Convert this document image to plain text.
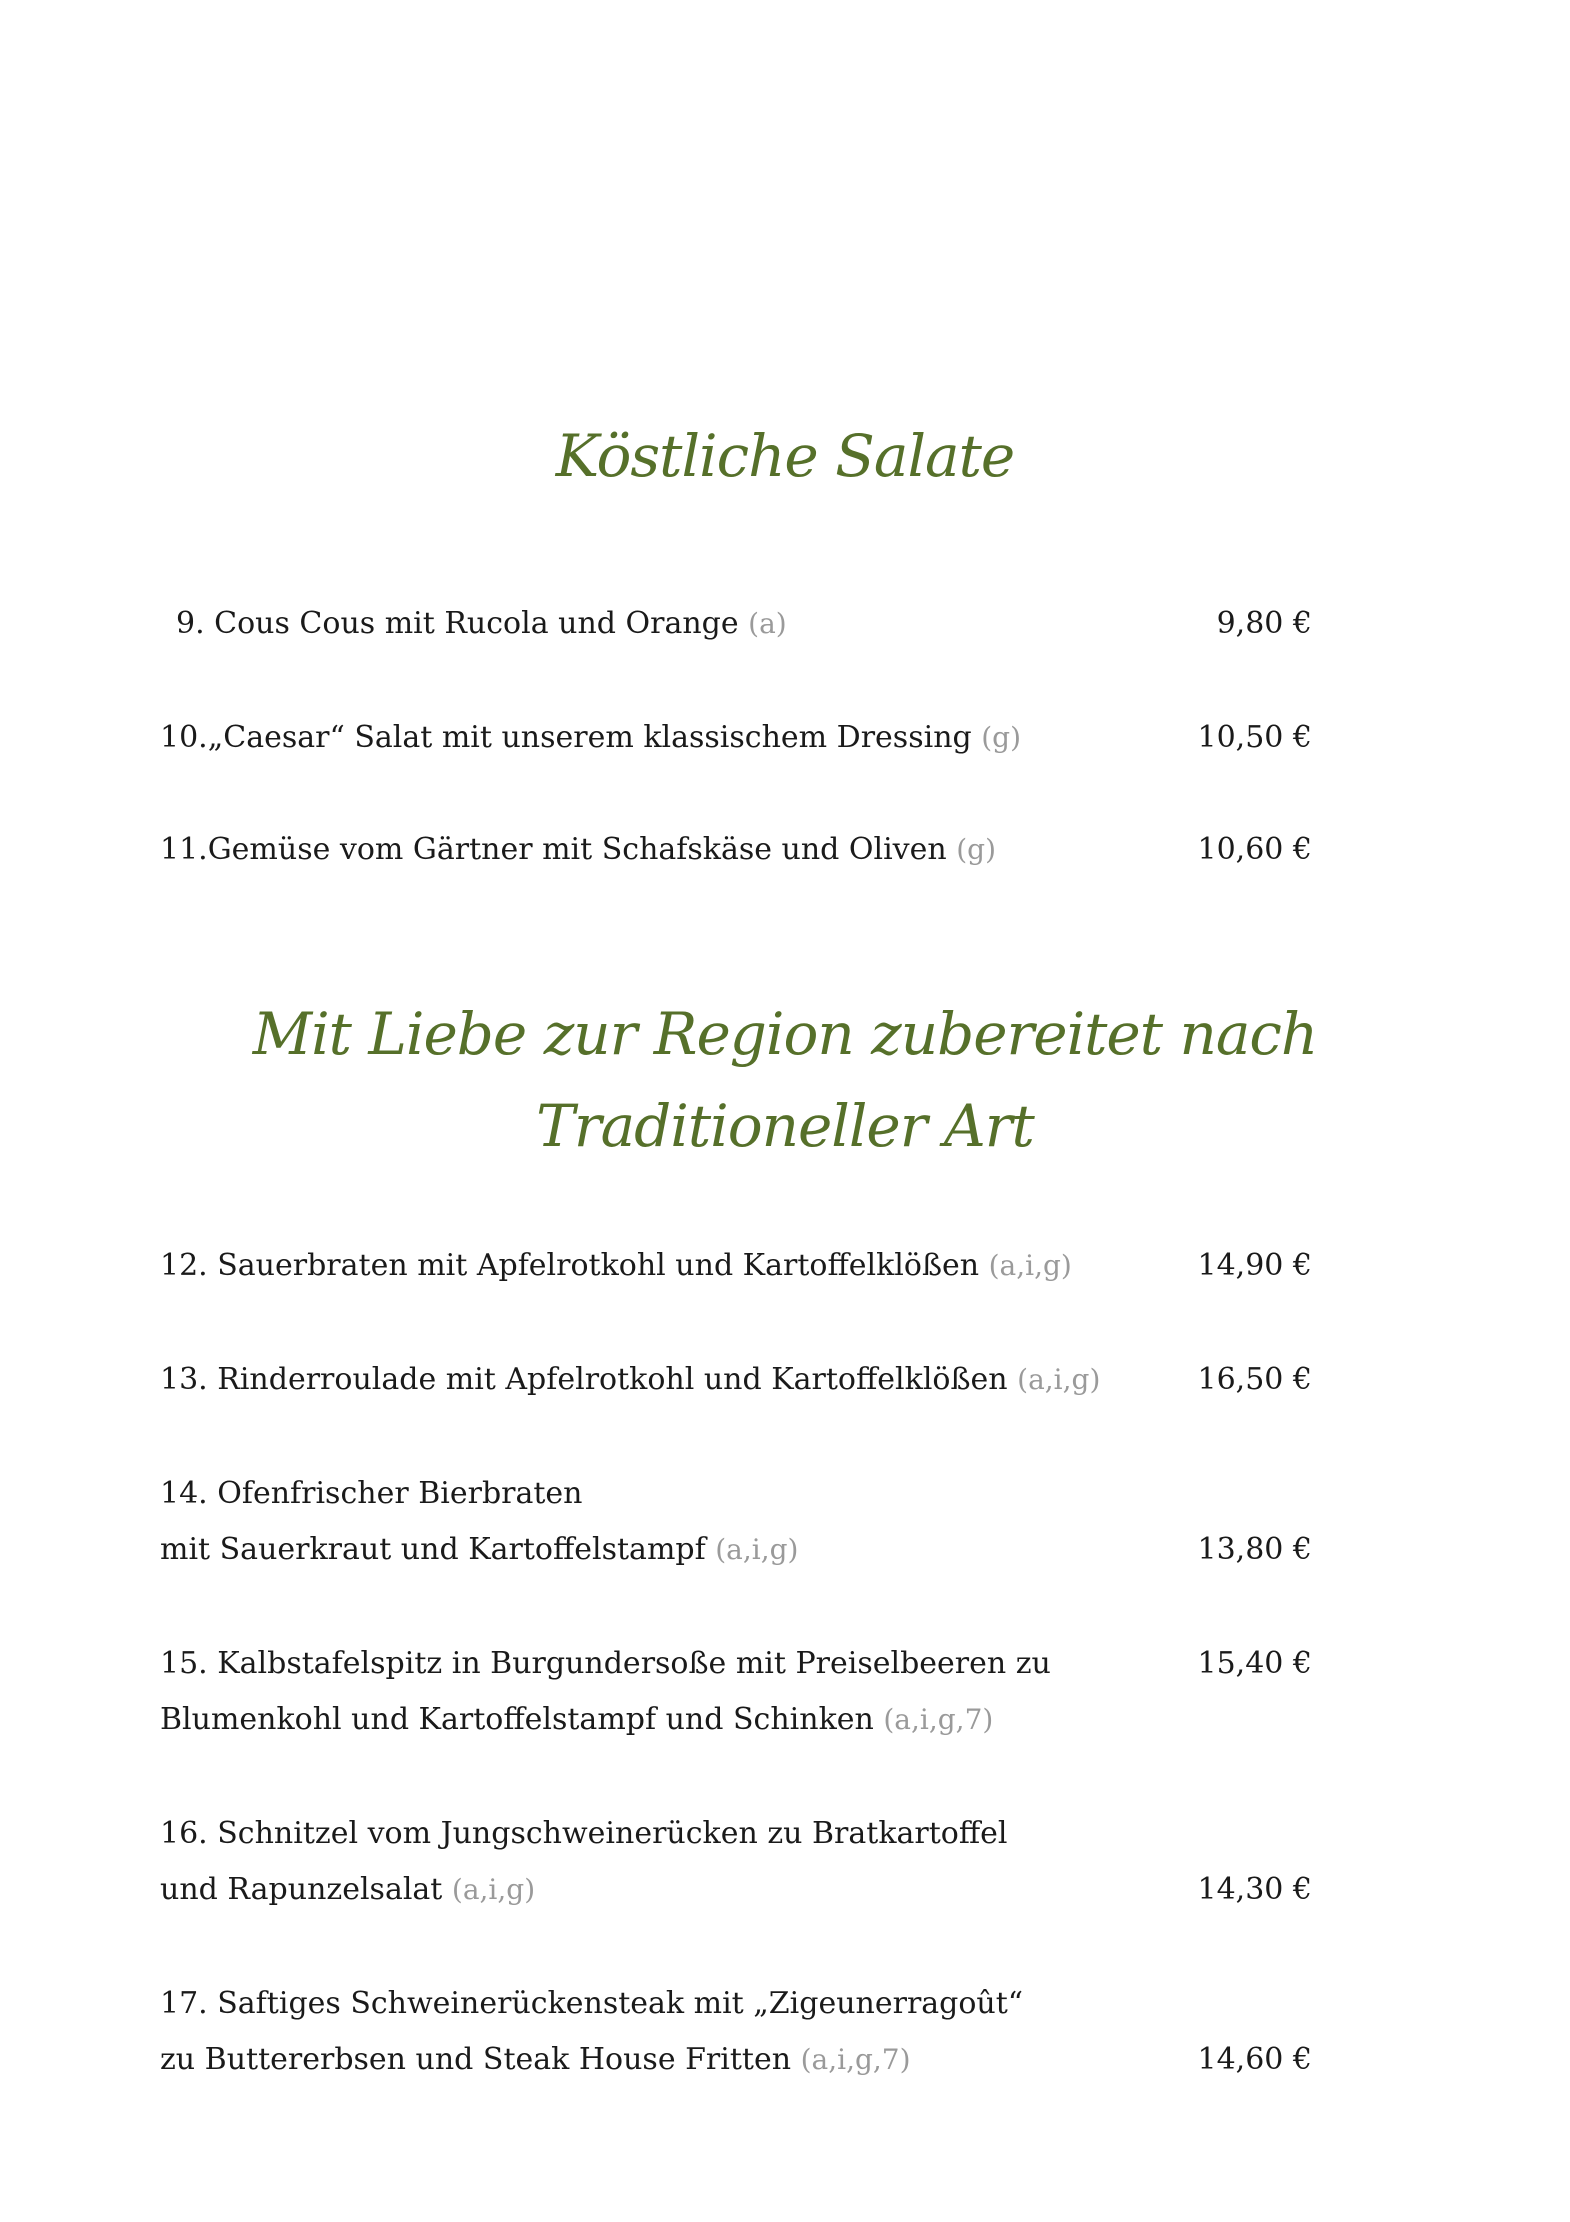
Köstliche Salate
9. Cous Cous mit Rucola und Orange (a)	9,80 €
10.„Caesar“ Salat mit unserem klassischem Dressing (g)	10,50 €
11.Gemüse vom Gärtner mit Schafskäse und Oliven (g)	10,60 €
Mit Liebe zur Region zubereitet nach
Traditioneller Art
12. Sauerbraten mit Apfelrotkohl und Kartoffelklößen (a,i,g)	14,90 €
13. Rinderroulade mit Apfelrotkohl und Kartoffelklößen (a,i,g)	16,50 €
14. Ofenfrischer Bierbraten
mit Sauerkraut und Kartoffelstampf (a,i,g)	13,80 €
15. Kalbstafelspitz in Burgundersoße mit Preiselbeeren zu	15,40 €
Blumenkohl und Kartoffelstampf und Schinken (a,i,g,7)
16. Schnitzel vom Jungschweinerücken zu Bratkartoffel
und Rapunzelsalat (a,i,g)	14,30 €
17. Saftiges Schweinerückensteak mit „Zigeunerragoût“
zu Buttererbsen und Steak House Fritten (a,i,g,7)	14,60 €
